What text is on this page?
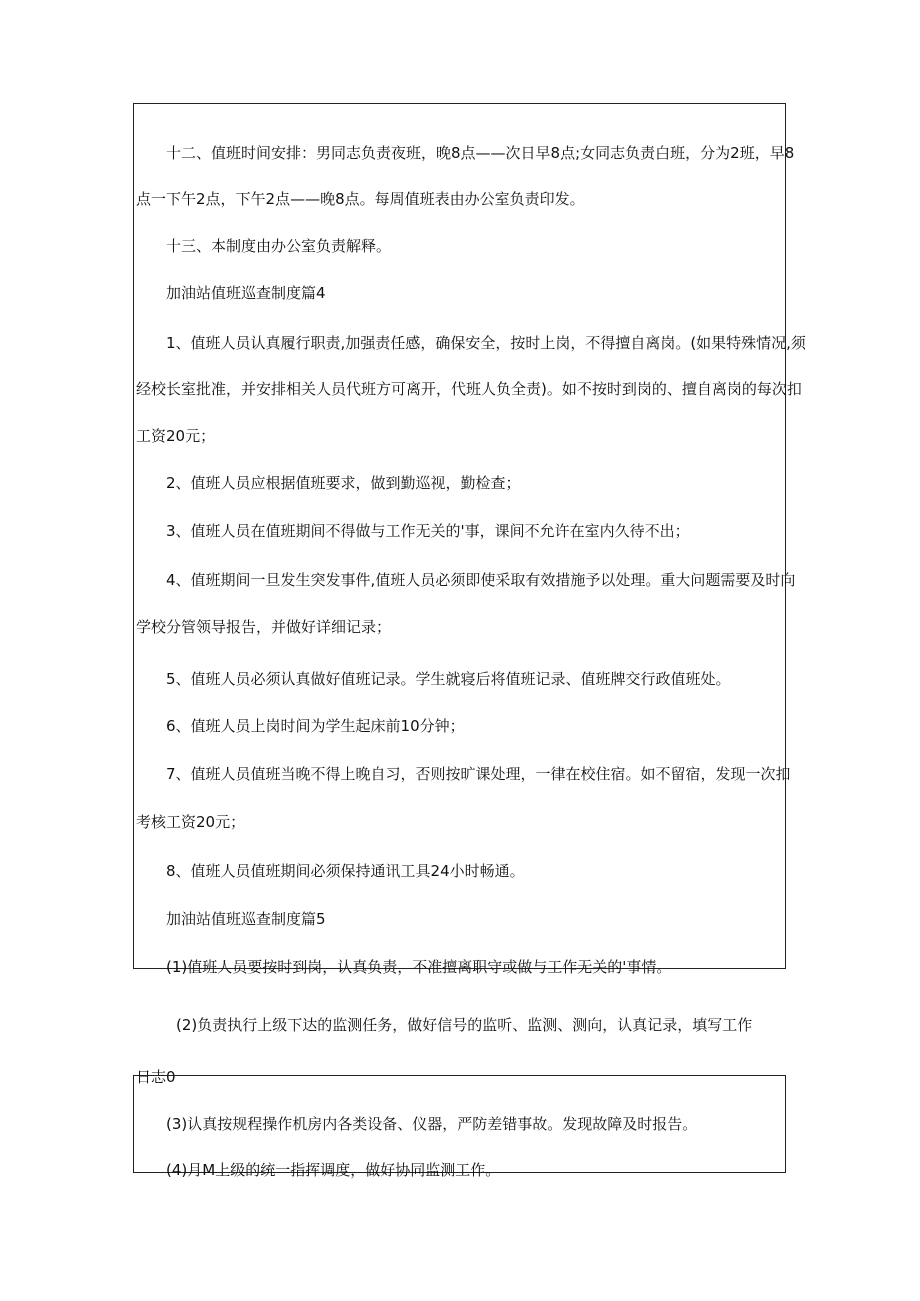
十二、值班时间安排：男同志负责夜班，晚8点——次日早8点;女同志负责白班，分为2班，早8

点一下午2点，下午2点——晚8点。每周值班表由办公室负责印发。

十三、本制度由办公室负责解释。

加油站值班巡查制度篇4

1、值班人员认真履行职责,加强责任感，确保安全，按时上岗，不得擅自离岗。(如果特殊情况,须

经校长室批准，并安排相关人员代班方可离开，代班人负全责)。如不按时到岗的、擅自离岗的每次扣

工资20元；

2、值班人员应根据值班要求，做到勤巡视，勤检查；

3、值班人员在值班期间不得做与工作无关的'事，课间不允许在室内久待不出；

4、值班期间一旦发生突发事件,值班人员必须即使采取有效措施予以处理。重大问题需要及时向

学校分管领导报告，并做好详细记录；

5、值班人员必须认真做好值班记录。学生就寝后将值班记录、值班牌交行政值班处。

6、值班人员上岗时间为学生起床前10分钟；

7、值班人员值班当晚不得上晚自习，否则按旷课处理，一律在校住宿。如不留宿，发现一次扣

考核工资20元；

8、值班人员值班期间必须保持通讯工具24小时畅通。

加油站值班巡查制度篇5

(1)值班人员要按时到岗，认真负责，不准擅离职守或做与工作无关的'事情。

(2)负责执行上级下达的监测任务，做好信号的监听、监测、测向，认真记录，填写工作

日志0

(3)认真按规程操作机房内各类设备、仪器，严防差错事故。发现故障及时报告。

(4)月M上级的统一指挥调度，做好协同监测工作。
